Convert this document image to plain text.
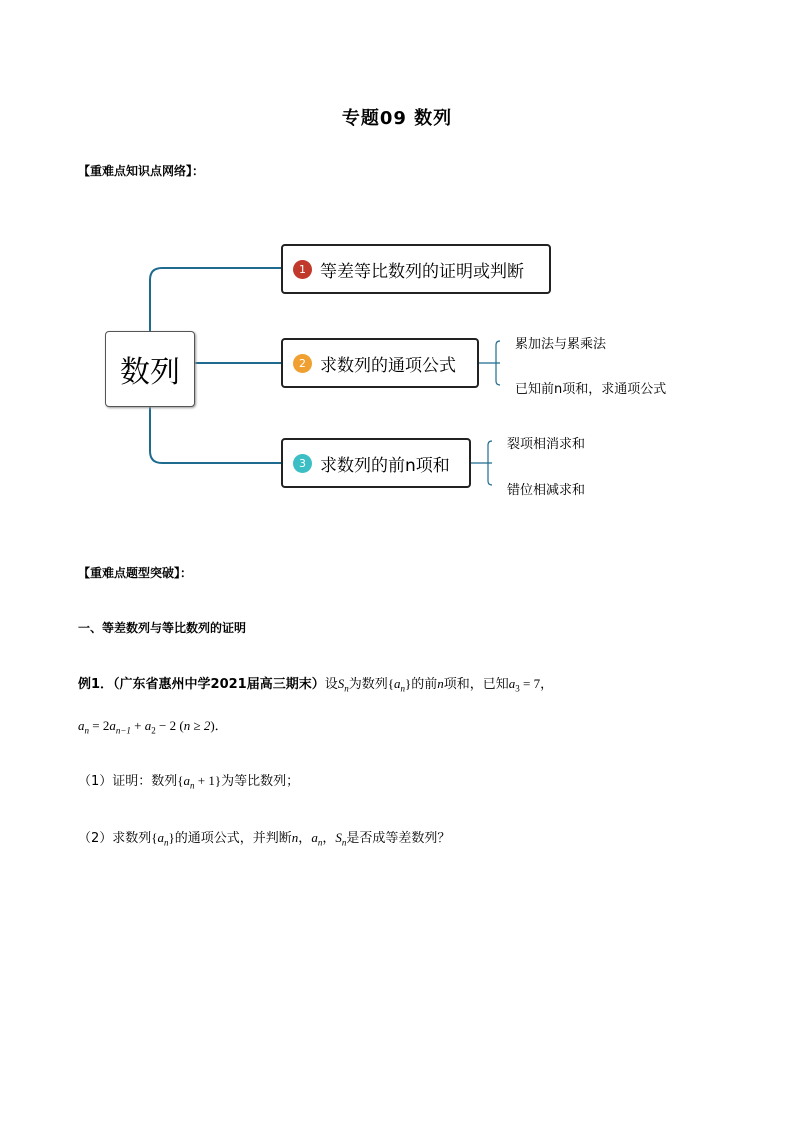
专题09 数列
【重难点知识点网络】：
数列
1 等差等比数列的证明或判断
2 求数列的通项公式
3 求数列的前n项和
累加法与累乘法
已知前n项和，求通项公式
裂项相消求和
错位相减求和
【重难点题型突破】：
一、等差数列与等比数列的证明
例1．（广东省惠州中学2021届高三期末）设$S_n$为数列$\{a_n\}$的前n项和，已知$a_3 = 7$，
$a_n = 2a_{n-1} + a_2 - 2$ (n ≥ 2)．
（1）证明：数列$\{a_n + 1\}$为等比数列；
（2）求数列$\{a_n\}$的通项公式，并判断n，$a_n$，$S_n$是否成等差数列？
